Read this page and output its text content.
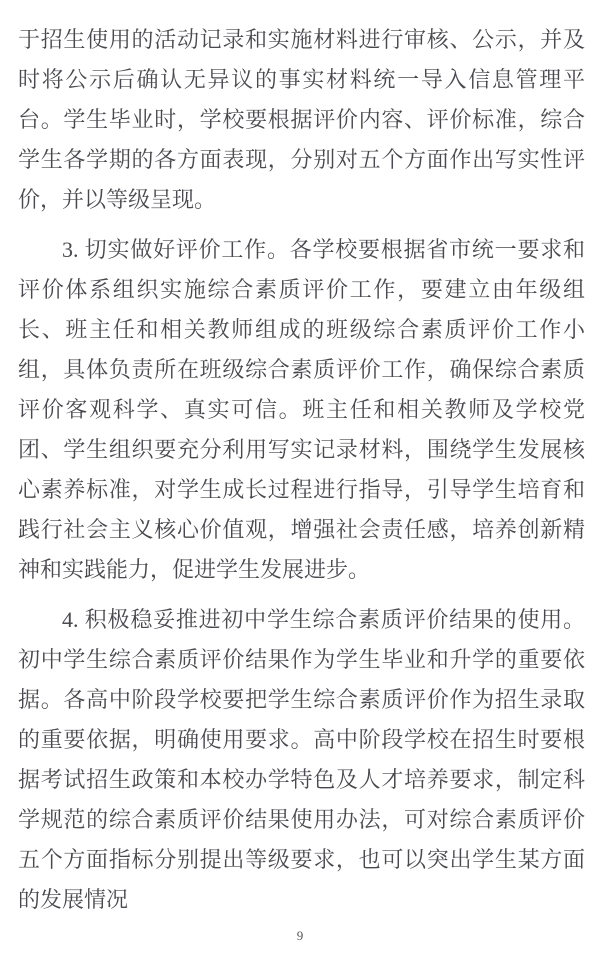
于招生使用的活动记录和实施材料进行审核、公示，并及时将公示后确认无异议的事实材料统一导入信息管理平台。学生毕业时，学校要根据评价内容、评价标准，综合学生各学期的各方面表现，分别对五个方面作出写实性评价，并以等级呈现。

3. 切实做好评价工作。各学校要根据省市统一要求和评价体系组织实施综合素质评价工作，要建立由年级组长、班主任和相关教师组成的班级综合素质评价工作小组，具体负责所在班级综合素质评价工作，确保综合素质评价客观科学、真实可信。班主任和相关教师及学校党团、学生组织要充分利用写实记录材料，围绕学生发展核心素养标准，对学生成长过程进行指导，引导学生培育和践行社会主义核心价值观，增强社会责任感，培养创新精神和实践能力，促进学生发展进步。

4. 积极稳妥推进初中学生综合素质评价结果的使用。初中学生综合素质评价结果作为学生毕业和升学的重要依据。各高中阶段学校要把学生综合素质评价作为招生录取的重要依据，明确使用要求。高中阶段学校在招生时要根据考试招生政策和本校办学特色及人才培养要求，制定科学规范的综合素质评价结果使用办法，可对综合素质评价五个方面指标分别提出等级要求，也可以突出学生某方面的发展情况

9
